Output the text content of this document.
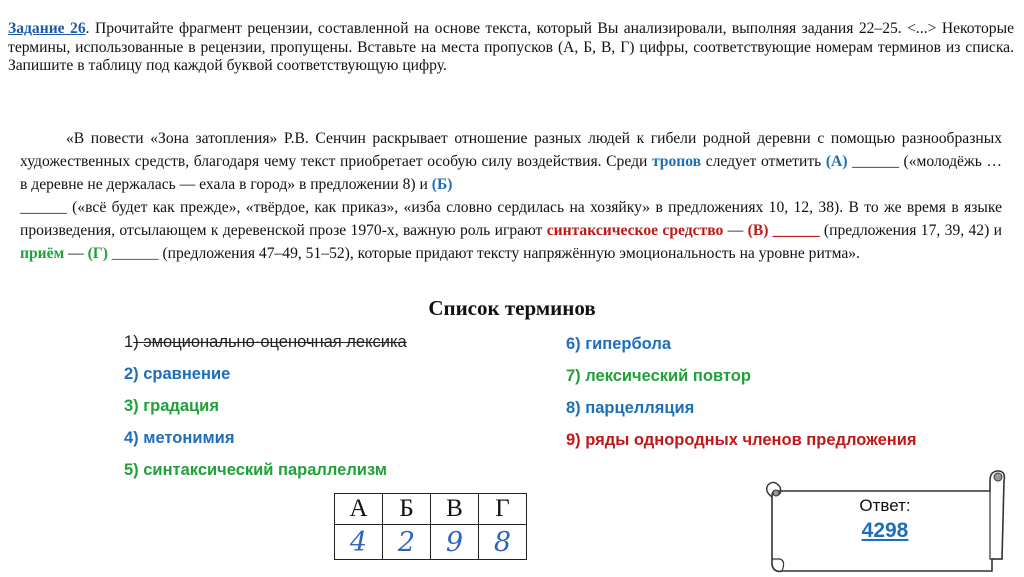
Задание 26. Прочитайте фрагмент рецензии, составленной на основе текста, который Вы анализировали, выполняя задания 22–25. <...> Некоторые термины, использованные в рецензии, пропущены. Вставьте на места пропусков (А, Б, В, Г) цифры, соответствующие номерам терминов из списка. Запишите в таблицу под каждой буквой соответствующую цифру.
«В повести «Зона затопления» Р.В. Сенчин раскрывает отношение разных людей к гибели родной деревни с помощью разнообразных художественных средств, благодаря чему текст приобретает особую силу воздействия. Среди тропов следует отметить (А) ______ («молодёжь … в деревне не держалась — ехала в город» в предложении 8) и (Б)
______ («всё будет как прежде», «твёрдое, как приказ», «изба словно сердилась на хозяйку» в предложениях 10, 12, 38). В то же время в языке произведения, отсылающем к деревенской прозе 1970-х, важную роль играют синтаксическое средство — (В) ______ (предложения 17, 39, 42) и приём — (Г) ______ (предложения 47–49, 51–52), которые придают тексту напряжённую эмоциональность на уровне ритма».
Список терминов
1) эмоционально-оценочная лексика
2) сравнение
3) градация
4) метонимия
5) синтаксический параллелизм
6) гипербола
7) лексический повтор
8) парцелляция
9) ряды однородных членов предложения
А	Б	В	Г
4	2	9	8
Ответ:
4298
